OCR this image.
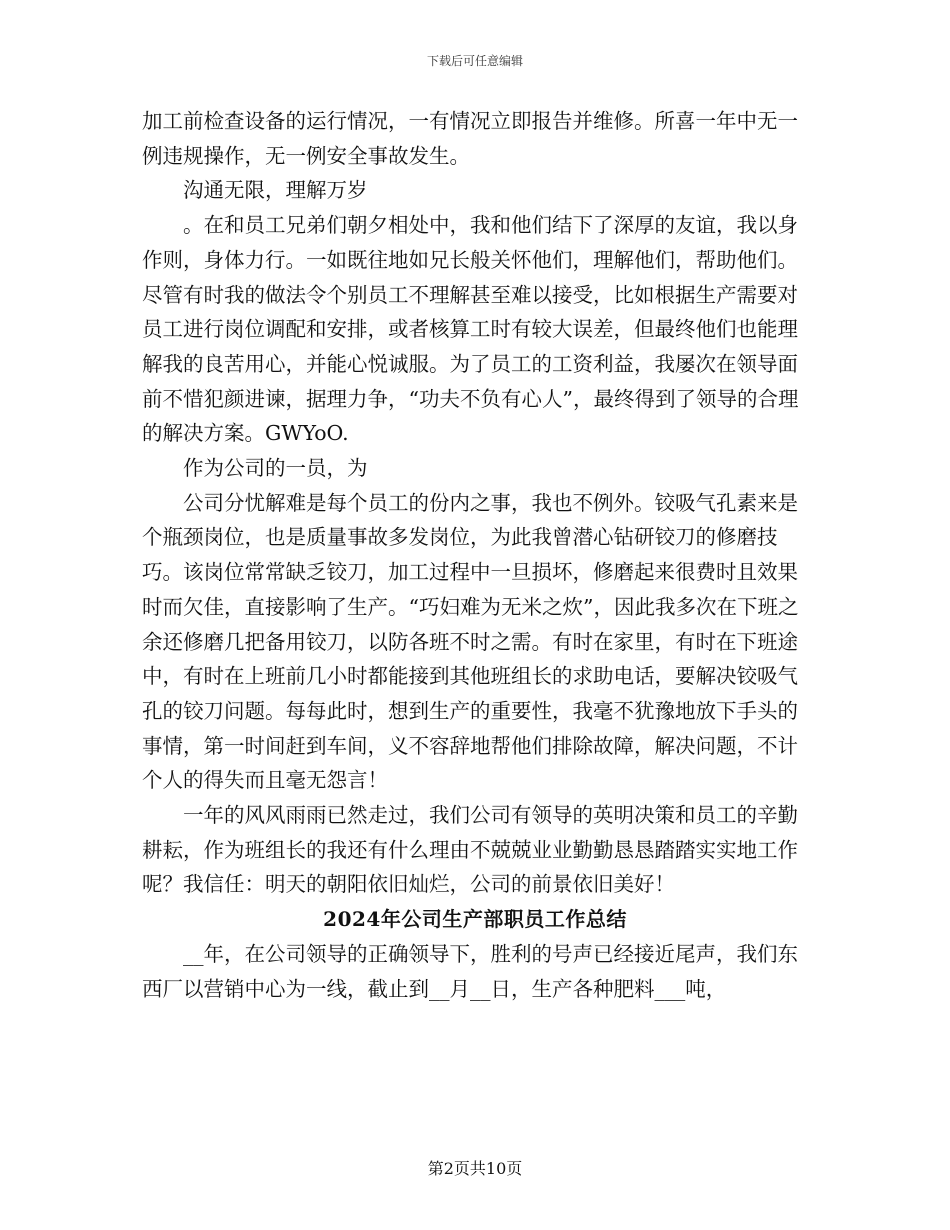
下载后可任意编辑

加工前检查设备的运行情况，一有情况立即报告并维修。所喜一年中无一例违规操作，无一例安全事故发生。

沟通无限，理解万岁

。在和员工兄弟们朝夕相处中，我和他们结下了深厚的友谊，我以身作则，身体力行。一如既往地如兄长般关怀他们，理解他们，帮助他们。尽管有时我的做法令个别员工不理解甚至难以接受，比如根据生产需要对员工进行岗位调配和安排，或者核算工时有较大误差，但最终他们也能理解我的良苦用心，并能心悦诚服。为了员工的工资利益，我屡次在领导面前不惜犯颜进谏，据理力争，“功夫不负有心人”，最终得到了领导的合理的解决方案。GWYoO.

作为公司的一员，为

公司分忧解难是每个员工的份内之事，我也不例外。铰吸气孔素来是个瓶颈岗位，也是质量事故多发岗位，为此我曾潜心钻研铰刀的修磨技巧。该岗位常常缺乏铰刀，加工过程中一旦损坏，修磨起来很费时且效果时而欠佳，直接影响了生产。“巧妇难为无米之炊”，因此我多次在下班之余还修磨几把备用铰刀，以防各班不时之需。有时在家里，有时在下班途中，有时在上班前几小时都能接到其他班组长的求助电话，要解决铰吸气孔的铰刀问题。每每此时，想到生产的重要性，我毫不犹豫地放下手头的事情，第一时间赶到车间，义不容辞地帮他们排除故障，解决问题，不计个人的得失而且毫无怨言！

一年的风风雨雨已然走过，我们公司有领导的英明决策和员工的辛勤耕耘，作为班组长的我还有什么理由不兢兢业业勤勤恳恳踏踏实实地工作呢？我信任：明天的朝阳依旧灿烂，公司的前景依旧美好！

2024年公司生产部职员工作总结

__年，在公司领导的正确领导下，胜利的号声已经接近尾声，我们东西厂以营销中心为一线，截止到__月__日，生产各种肥料___吨，

第2页共10页
